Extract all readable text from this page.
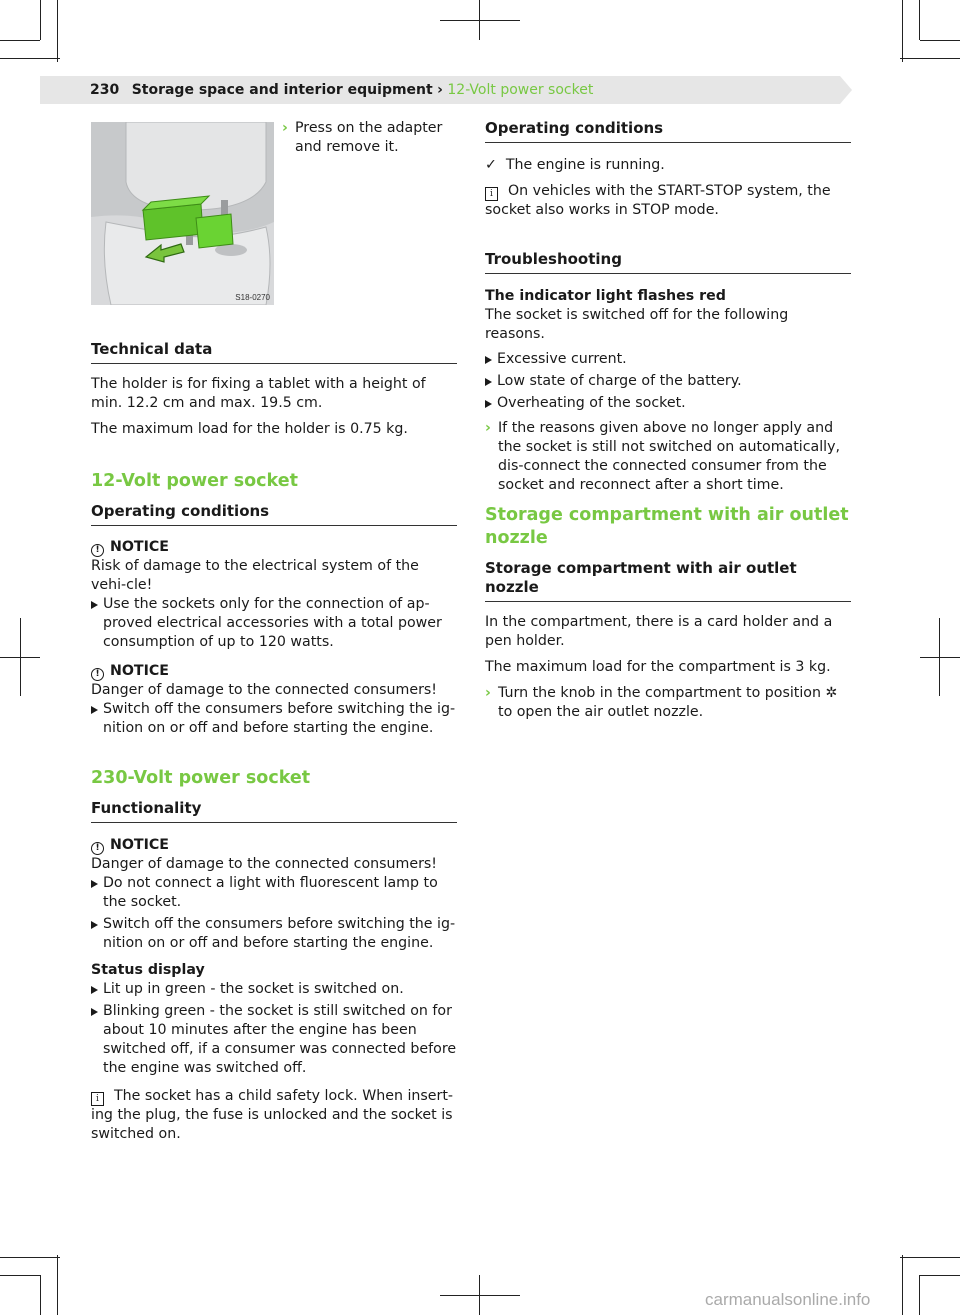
230 Storage space and interior equipment › 12-Volt power socket
S18-0270
› Press on the adapter and remove it.
Technical data

The holder is for fixing a tablet with a height of min. 12.2 cm and max. 19.5 cm.

The maximum load for the holder is 0.75 kg.

12-Volt power socket
Operating conditions
! NOTICE

Risk of damage to the electrical system of the vehi-cle!

Use the sockets only for the connection of ap-proved electrical accessories with a total power consumption of up to 120 watts.
! NOTICE

Danger of damage to the connected consumers!

Switch off the consumers before switching the ig-nition on or off and before starting the engine.
230-Volt power socket
Functionality
! NOTICE

Danger of damage to the connected consumers!

Do not connect a light with fluorescent lamp to the socket.
Switch off the consumers before switching the ig-nition on or off and before starting the engine.
Status display
Lit up in green - the socket is switched on.
Blinking green - the socket is still switched on for about 10 minutes after the engine has been switched off, if a consumer was connected before the engine was switched off.

i The socket has a child safety lock. When insert-ing the plug, the fuse is unlocked and the socket is switched on.

Operating conditions

✓ The engine is running.

i On vehicles with the START-STOP system, the socket also works in STOP mode.

Troubleshooting
The indicator light flashes red

The socket is switched off for the following reasons.

Excessive current.
Low state of charge of the battery.
Overheating of the socket.
› If the reasons given above no longer apply and the socket is still not switched on automatically, dis-connect the connected consumer from the socket and reconnect after a short time.
Storage compartment with air outlet
nozzle
Storage compartment with air outlet nozzle

In the compartment, there is a card holder and a pen holder.

The maximum load for the compartment is 3 kg.

› Turn the knob in the compartment to position ✲ to open the air outlet nozzle.
carmanualsonline.info
